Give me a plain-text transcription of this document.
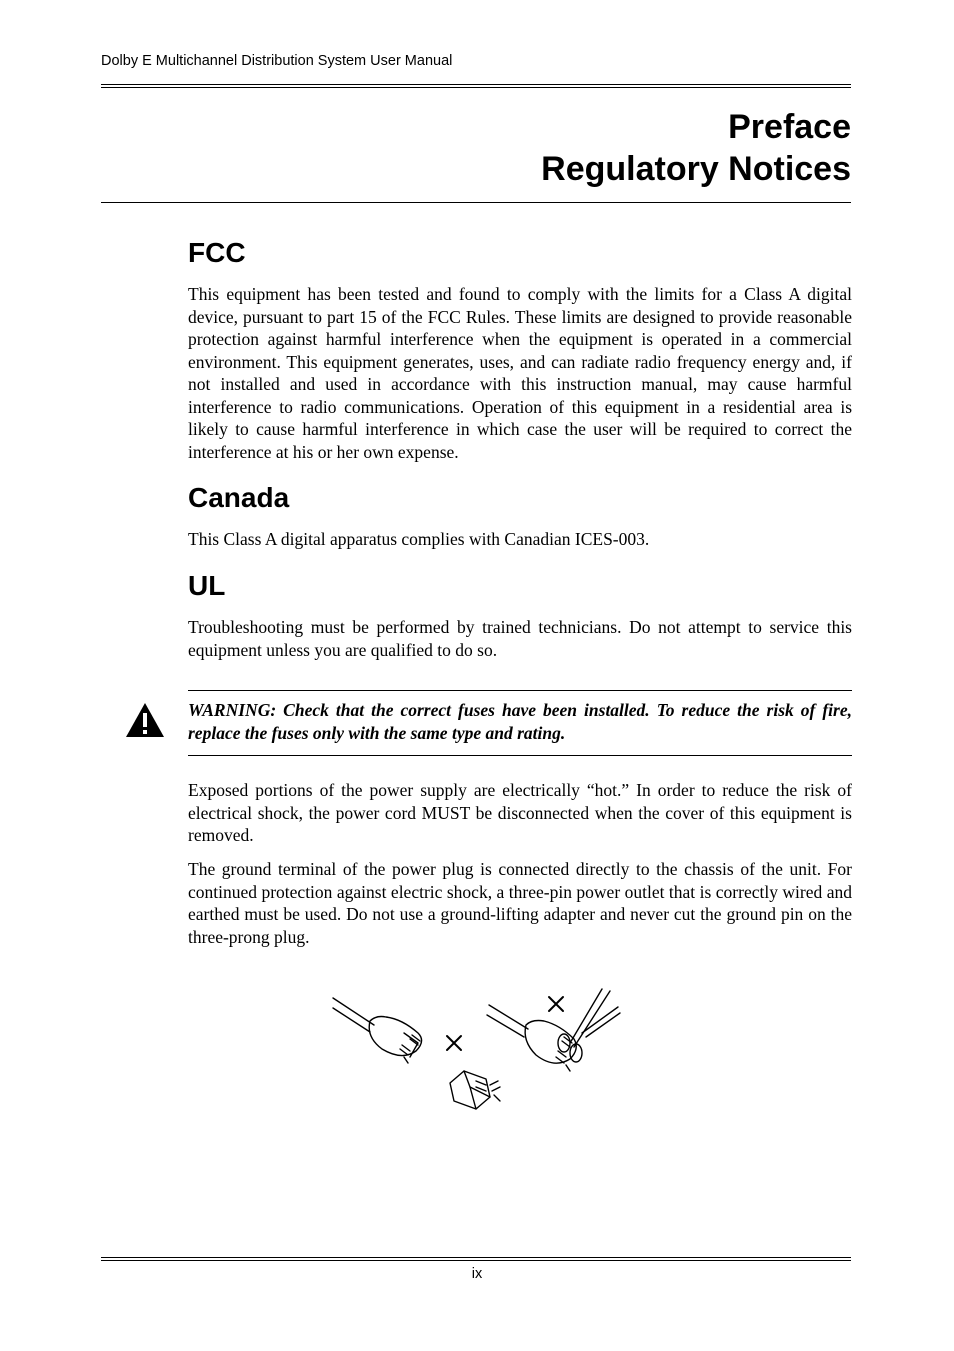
Dolby E Multichannel Distribution System User Manual
Preface
Regulatory Notices
FCC

This equipment has been tested and found to comply with the limits for a Class A digital device, pursuant to part 15 of the FCC Rules. These limits are designed to provide reasonable protection against harmful interference when the equipment is operated in a commercial environment. This equipment generates, uses, and can radiate radio frequency energy and, if not installed and used in accordance with this instruction manual, may cause harmful interference to radio communications. Operation of this equipment in a residential area is likely to cause harmful interference in which case the user will be required to correct the interference at his or her own expense.

Canada

This Class A digital apparatus complies with Canadian ICES-003.

UL

Troubleshooting must be performed by trained technicians. Do not attempt to service this equipment unless you are qualified to do so.

WARNING: Check that the correct fuses have been installed. To reduce the risk of fire, replace the fuses only with the same type and rating.

Exposed portions of the power supply are electrically “hot.” In order to reduce the risk of electrical shock, the power cord MUST be disconnected when the cover of this equipment is removed.

The ground terminal of the power plug is connected directly to the chassis of the unit. For continued protection against electric shock, a three-pin power outlet that is correctly wired and earthed must be used. Do not use a ground-lifting adapter and never cut the ground pin on the three-prong plug.

ix
